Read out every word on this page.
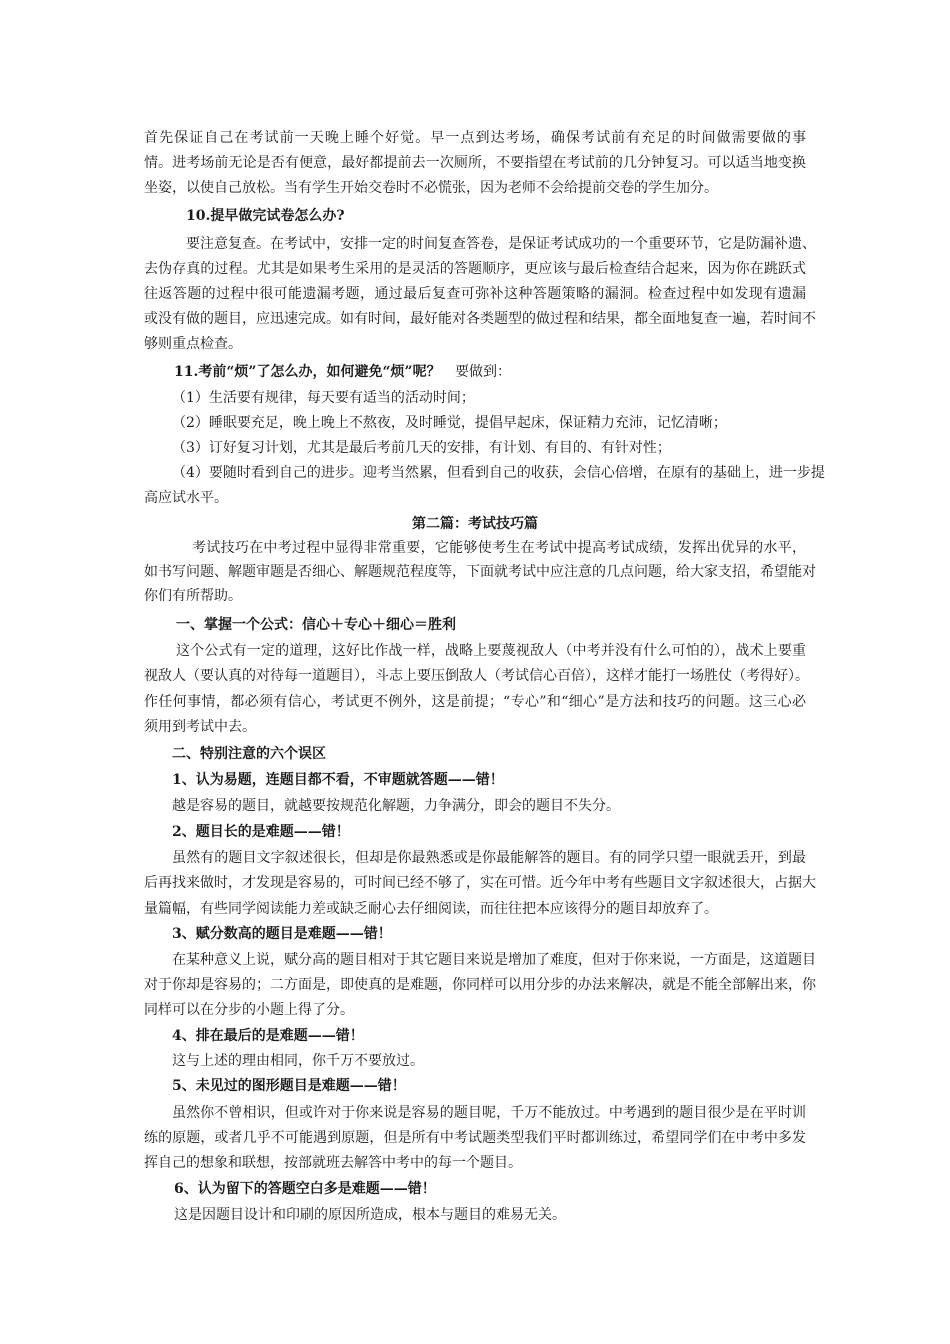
首先保证自己在考试前一天晚上睡个好觉。早一点到达考场，确保考试前有充足的时间做需要做的事
情。进考场前无论是否有便意，最好都提前去一次厕所，不要指望在考试前的几分钟复习。可以适当地变换
坐姿，以使自己放松。当有学生开始交卷时不必慌张，因为老师不会给提前交卷的学生加分。
10.提早做完试卷怎么办?
要注意复查。在考试中，安排一定的时间复查答卷，是保证考试成功的一个重要环节，它是防漏补遗、
去伪存真的过程。尤其是如果考生采用的是灵活的答题顺序，更应该与最后检查结合起来，因为你在跳跃式
往返答题的过程中很可能遗漏考题，通过最后复查可弥补这种答题策略的漏洞。检查过程中如发现有遗漏
或没有做的题目，应迅速完成。如有时间，最好能对各类题型的做过程和结果，都全面地复查一遍，若时间不
够则重点检查。
11.考前“烦”了怎么办，如何避免“烦”呢？ 要做到：
（1）生活要有规律，每天要有适当的活动时间；
（2）睡眠要充足，晚上晚上不熬夜，及时睡觉，提倡早起床，保证精力充沛，记忆清晰；
（3）订好复习计划，尤其是最后考前几天的安排，有计划、有目的、有针对性；
（4）要随时看到自己的进步。迎考当然累，但看到自己的收获，会信心倍增，在原有的基础上，进一步提
高应试水平。
第二篇：考试技巧篇
考试技巧在中考过程中显得非常重要，它能够使考生在考试中提高考试成绩，发挥出优异的水平，
如书写问题、解题审题是否细心、解题规范程度等，下面就考试中应注意的几点问题，给大家支招，希望能对
你们有所帮助。
一、掌握一个公式：信心＋专心＋细心＝胜利
这个公式有一定的道理，这好比作战一样，战略上要蔑视敌人（中考并没有什么可怕的），战术上要重
视敌人（要认真的对待每一道题目），斗志上要压倒敌人（考试信心百倍），这样才能打一场胜仗（考得好）。
作任何事情，都必须有信心，考试更不例外，这是前提；“专心”和“细心”是方法和技巧的问题。这三心必
须用到考试中去。
二、特别注意的六个误区
1、认为易题，连题目都不看，不审题就答题——错！
越是容易的题目，就越要按规范化解题，力争满分，即会的题目不失分。
2、题目长的是难题——错！
虽然有的题目文字叙述很长，但却是你最熟悉或是你最能解答的题目。有的同学只望一眼就丢开，到最
后再找来做时，才发现是容易的，可时间已经不够了，实在可惜。近今年中考有些题目文字叙述很大，占据大
量篇幅，有些同学阅读能力差或缺乏耐心去仔细阅读，而往往把本应该得分的题目却放弃了。
3、赋分数高的题目是难题——错！
在某种意义上说，赋分高的题目相对于其它题目来说是增加了难度，但对于你来说，一方面是，这道题目
对于你却是容易的；二方面是，即使真的是难题，你同样可以用分步的办法来解决，就是不能全部解出来，你
同样可以在分步的小题上得了分。
4、排在最后的是难题——错！
这与上述的理由相同，你千万不要放过。
5、未见过的图形题目是难题——错！
虽然你不曾相识，但或许对于你来说是容易的题目呢，千万不能放过。中考遇到的题目很少是在平时训
练的原题，或者几乎不可能遇到原题，但是所有中考试题类型我们平时都训练过，希望同学们在中考中多发
挥自己的想象和联想，按部就班去解答中考中的每一个题目。
6、认为留下的答题空白多是难题——错！
这是因题目设计和印刷的原因所造成，根本与题目的难易无关。
